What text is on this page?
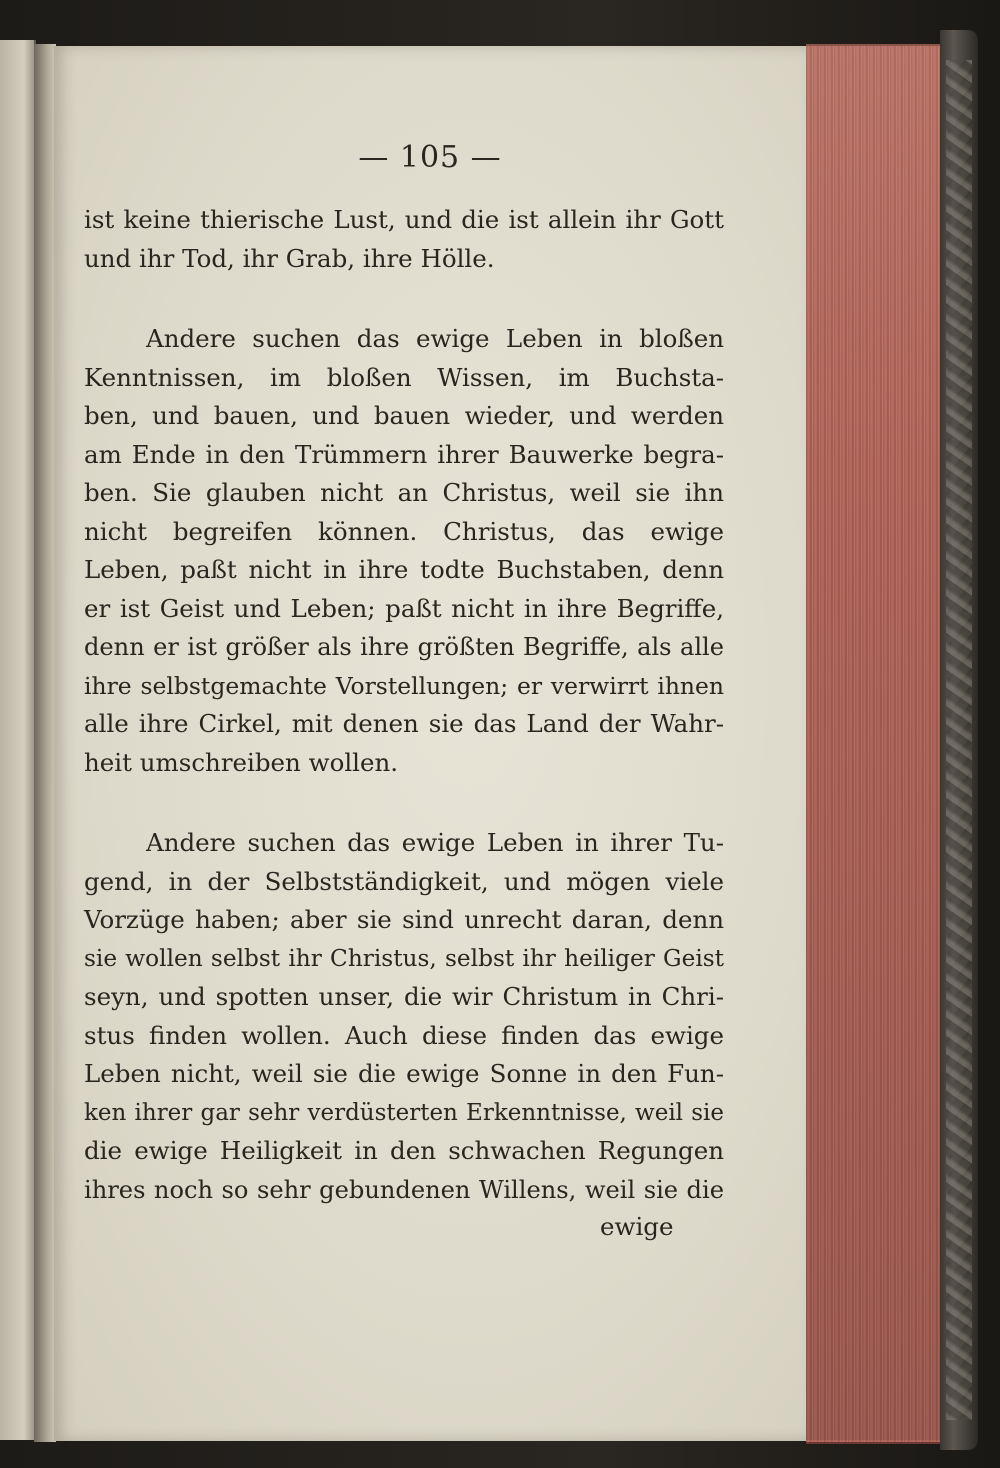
— 105 —
ist keine thierische Lust, und die ist allein ihr Gott
und ihr Tod, ihr Grab, ihre Hölle.
Andere suchen das ewige Leben in bloßen
Kenntnissen, im bloßen Wissen, im Buchsta-
ben, und bauen, und bauen wieder, und werden
am Ende in den Trümmern ihrer Bauwerke begra-
ben. Sie glauben nicht an Christus, weil sie ihn
nicht begreifen können. Christus, das ewige
Leben, paßt nicht in ihre todte Buchstaben, denn
er ist Geist und Leben; paßt nicht in ihre Begriffe,
denn er ist größer als ihre größten Begriffe, als alle
ihre selbstgemachte Vorstellungen; er verwirrt ihnen
alle ihre Cirkel, mit denen sie das Land der Wahr-
heit umschreiben wollen.
Andere suchen das ewige Leben in ihrer Tu-
gend, in der Selbstständigkeit, und mögen viele
Vorzüge haben; aber sie sind unrecht daran, denn
sie wollen selbst ihr Christus, selbst ihr heiliger Geist
seyn, und spotten unser, die wir Christum in Chri-
stus finden wollen. Auch diese finden das ewige
Leben nicht, weil sie die ewige Sonne in den Fun-
ken ihrer gar sehr verdüsterten Erkenntnisse, weil sie
die ewige Heiligkeit in den schwachen Regungen
ihres noch so sehr gebundenen Willens, weil sie die
ewige
